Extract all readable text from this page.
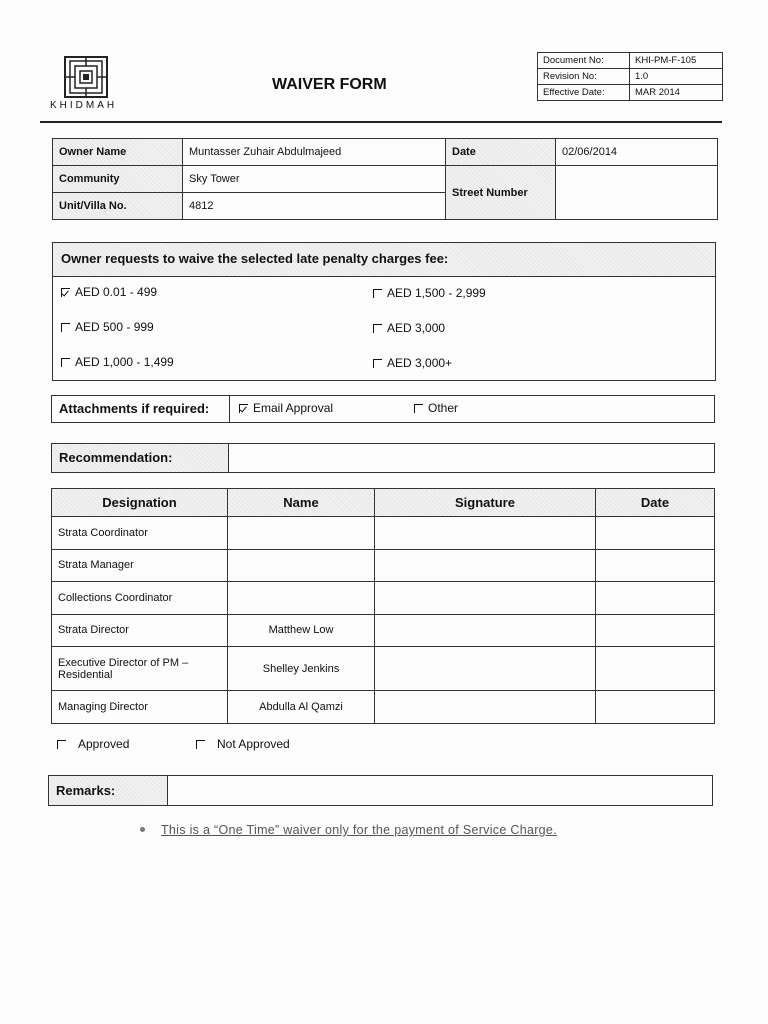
KHIDMAH
WAIVER FORM
Document No:	KHI-PM-F-105
Revision No:	1.0
Effective Date:	MAR 2014
Owner Name	Muntasser Zuhair Abdulmajeed	Date	02/06/2014
Community	Sky Tower	Street Number	
Unit/Villa No.	4812		
Owner requests to waive the selected late penalty charges fee:
AED 0.01 - 499
AED 500 - 999
AED 1,000 - 1,499
AED 1,500 - 2,999
AED 3,000
AED 3,000+
Attachments if required:	Email Approval	Other
Recommendation:
Designation	Name	Signature	Date
Strata Coordinator			
Strata Manager			
Collections Coordinator			
Strata Director	Matthew Low		
Executive Director of PM – Residential	Shelley Jenkins		
Managing Director	Abdulla Al Qamzi		
Approved	Not Approved
Remarks:
This is a “One Time” waiver only for the payment of Service Charge.
